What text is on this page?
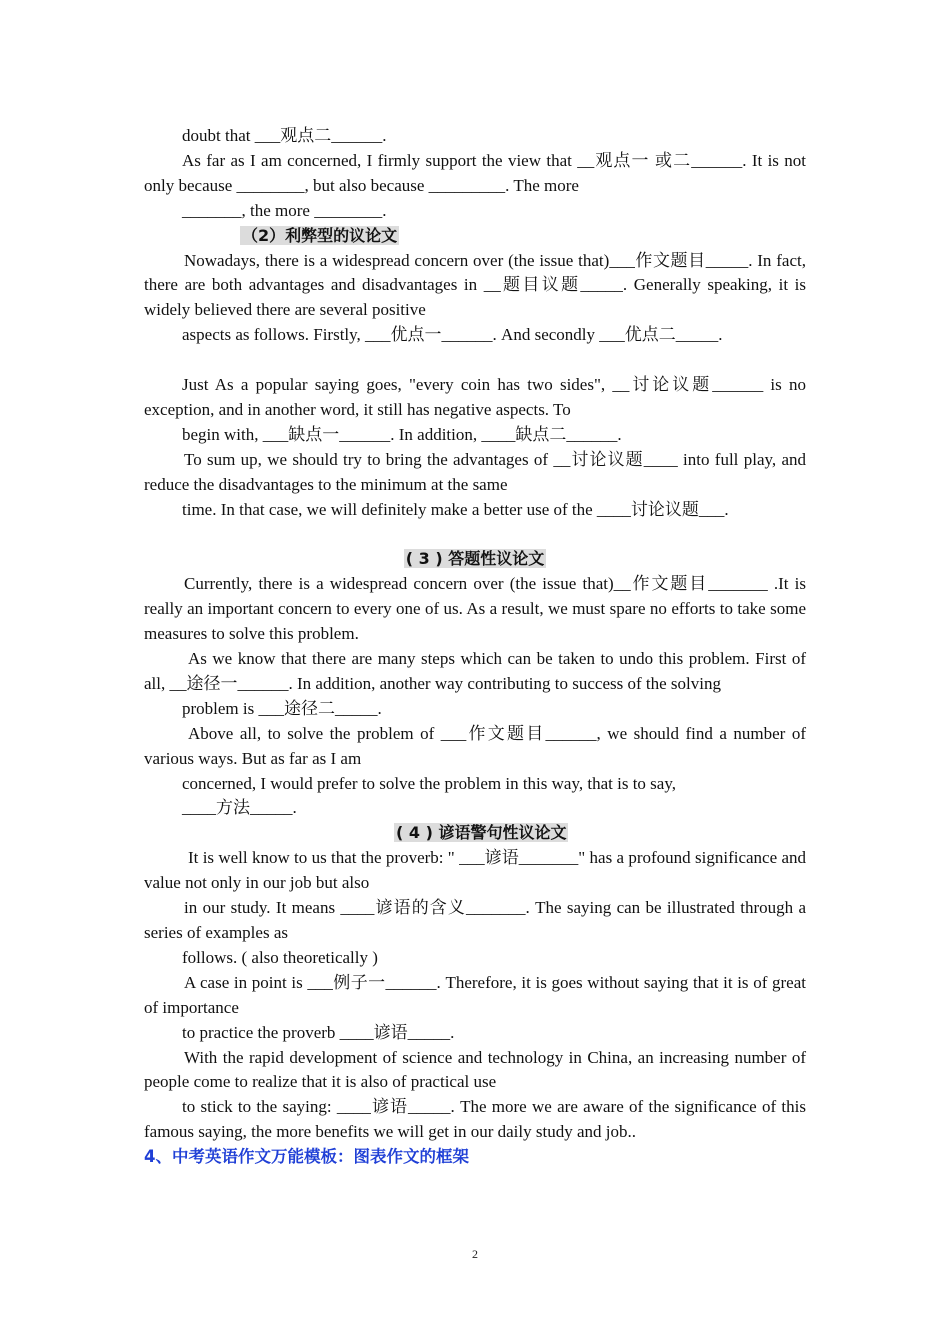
doubt that ___观点二______.

As far as I am concerned, I firmly support the view that __观点一 或二______. It is not only because ________, but also because _________. The more

_______, the more ________.

（2）利弊型的议论文

Nowadays, there is a widespread concern over (the issue that)___作文题目_____. In fact, there are both advantages and disadvantages in __题目议题_____. Generally speaking, it is widely believed there are several positive

aspects as follows. Firstly, ___优点一______. And secondly ___优点二_____.

Just As a popular saying goes, "every coin has two sides", __讨论议题______ is no exception, and in another word, it still has negative aspects. To

begin with, ___缺点一______. In addition, ____缺点二______.

To sum up, we should try to bring the advantages of __讨论议题____ into full play, and reduce the disadvantages to the minimum at the same

time. In that case, we will definitely make a better use of the ____讨论议题___.

( 3 ) 答题性议论文

Currently, there is a widespread concern over (the issue that)__作文题目_______ .It is really an important concern to every one of us. As a result, we must spare no efforts to take some measures to solve this problem.

As we know that there are many steps which can be taken to undo this problem. First of all, __途径一______. In addition, another way contributing to success of the solving

problem is ___途径二_____.

Above all, to solve the problem of ___作文题目______, we should find a number of various ways. But as far as I am

concerned, I would prefer to solve the problem in this way, that is to say,

____方法_____.

( 4 ) 谚语警句性议论文

It is well know to us that the proverb: " ___谚语_______" has a profound significance and value not only in our job but also

in our study. It means ____谚语的含义_______. The saying can be illustrated through a series of examples as

follows. ( also theoretically )

A case in point is ___例子一______. Therefore, it is goes without saying that it is of great of importance

to practice the proverb ____谚语_____.

With the rapid development of science and technology in China, an increasing number of people come to realize that it is also of practical use

to stick to the saying: ____谚语_____. The more we are aware of the significance of this famous saying, the more benefits we will get in our daily study and job..

4、中考英语作文万能模板：图表作文的框架

2
